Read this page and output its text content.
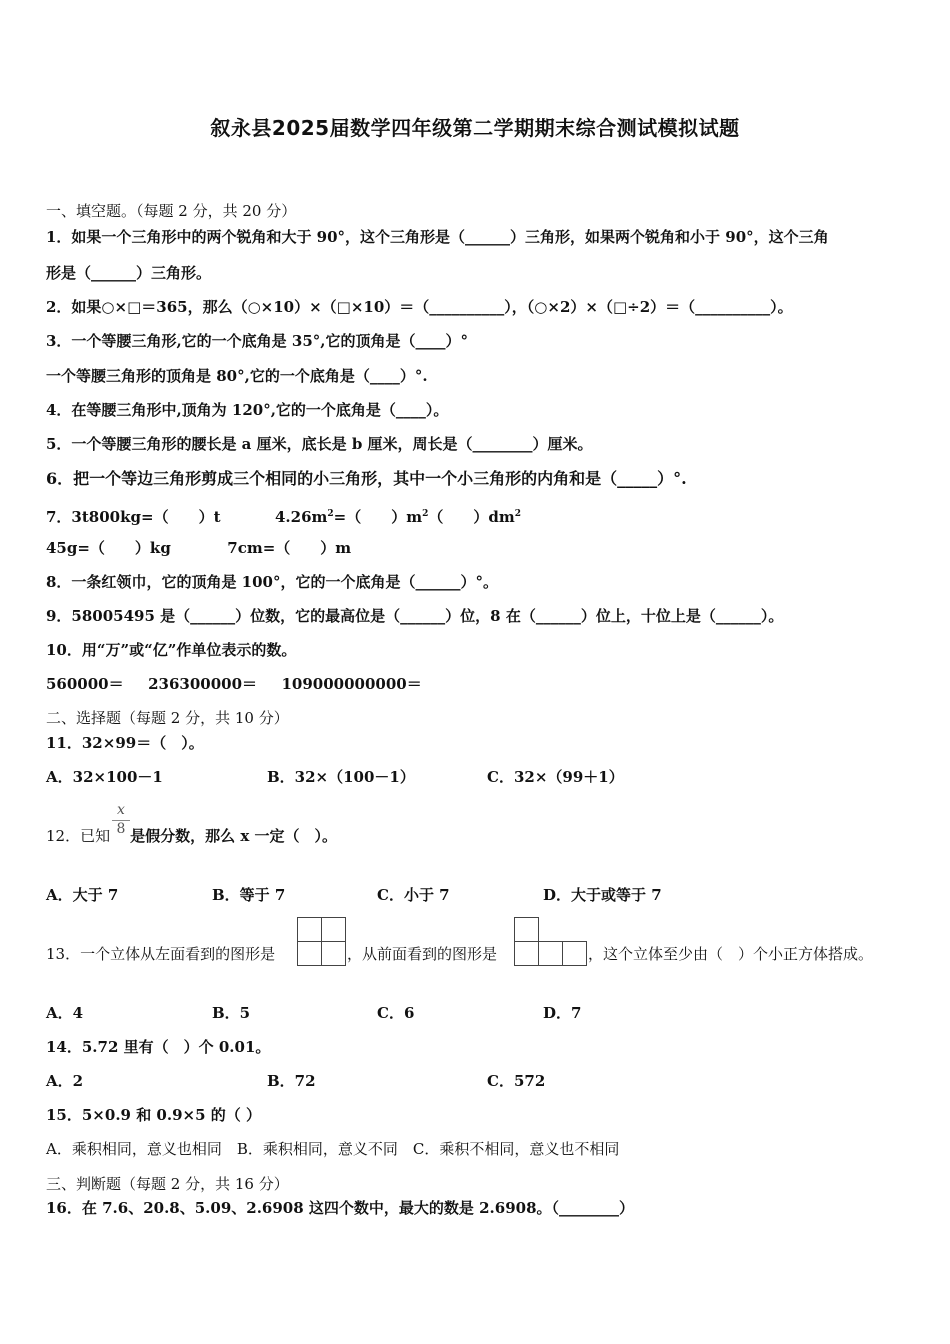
叙永县2025届数学四年级第二学期期末综合测试模拟试题
一、填空题。（每题 2 分，共 20 分）
1．如果一个三角形中的两个锐角和大于 90°，这个三角形是（______）三角形，如果两个锐角和小于 90°，这个三角
形是（______）三角形。
2．如果○×□＝365，那么（○×10）×（□×10）＝（__________），（○×2）×（□÷2）＝（__________）。
3．一个等腰三角形,它的一个底角是 35°,它的顶角是（____）°
一个等腰三角形的顶角是 80°,它的一个底角是（____）°.
4．在等腰三角形中,顶角为 120°,它的一个底角是（____）。
5．一个等腰三角形的腰长是 a 厘米，底长是 b 厘米，周长是（________）厘米。
6．把一个等边三角形剪成三个相同的小三角形，其中一个小三角形的内角和是（_____）°.
7．3t800kg=（　　）t	$4.26m^2=$（　　）$m^2$（　　）$dm^2$
45g=（　　）kg	7cm=（　　）m
8．一条红领巾，它的顶角是 100°，它的一个底角是（______）°。
9．58005495 是（______）位数，它的最高位是（______）位，8 在（______）位上，十位上是（______）。
10．用“万”或“亿”作单位表示的数。
560000＝ 236300000＝ 109000000000＝
二、选择题（每题 2 分，共 10 分）
11．32×99＝（　）。
A．32×100－1	B．32×（100－1）	C．32×（99＋1）
12．已知 是假分数，那么 x 一定（　）。
$\frac{x}{8}$
A．大于 7	B．等于 7	C．小于 7	D．大于或等于 7
13．一个立体从左面看到的图形是	，从前面看到的图形是	，这个立体至少由（　）个小正方体搭成。
A．4	B．5	C．6	D．7
14．5.72 里有（　）个 0.01。
A．2	B．72	C．572
15．5×0.9 和 0.9×5 的（ ）
A．乘积相同，意义也相同　B．乘积相同，意义不同　C．乘积不相同，意义也不相同
三、判断题（每题 2 分，共 16 分）
16．在 7.6、20.8、5.09、2.6908 这四个数中，最大的数是 2.6908。（________）
